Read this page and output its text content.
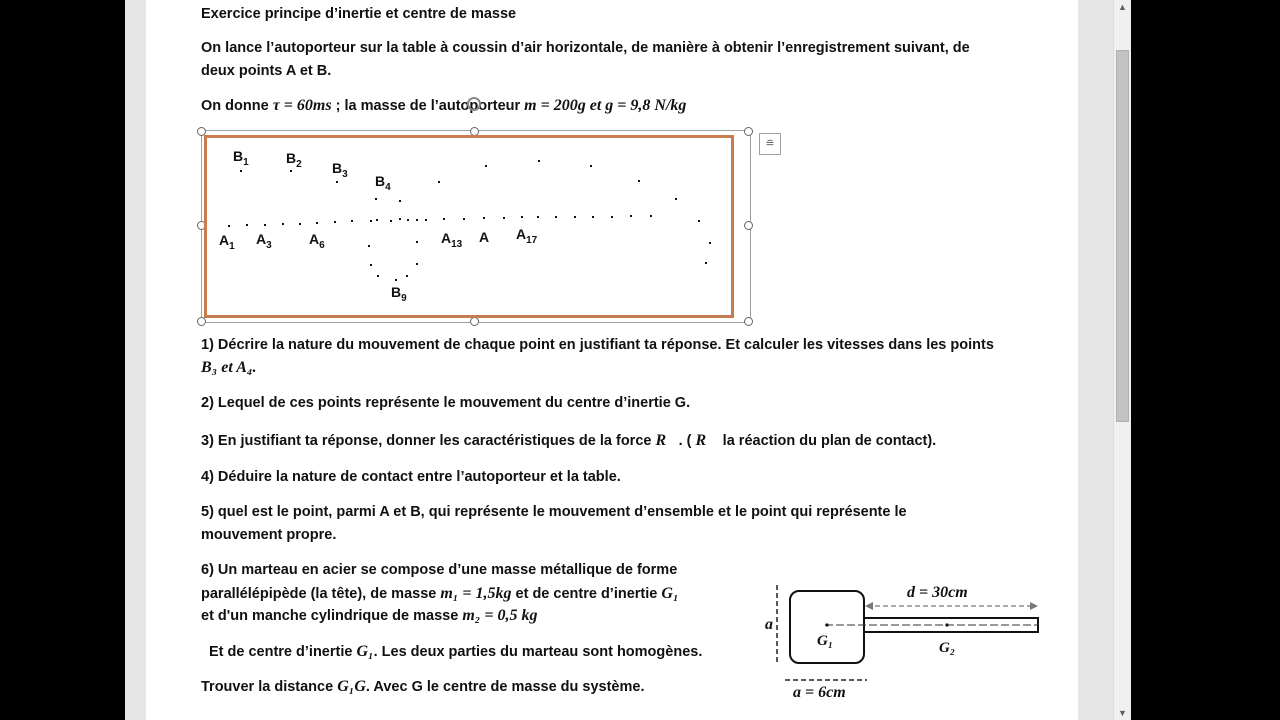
▲
▼
Exercice principe d’inertie et centre de masse
On lance l’autoporteur sur la table à coussin d’air horizontale, de manière à obtenir l’enregistrement suivant, de
deux points A et B.
On donne τ = 60ms ; la masse de l’autoporteur m = 200g et g = 9,8 N/kg
≘
$B_1$	$B_2$ $B_3$ $B_4$
$B_9$
$A_1$ $A_3$	$A_6$	$A_{13}$ A $A_{17}$
1) Décrire la nature du mouvement de chaque point en justifiant ta réponse. Et calculer les vitesses dans les points
B₃ et A₄.
2) Lequel de ces points représente le mouvement du centre d’inertie G.
3) En justifiant ta réponse, donner les caractéristiques de la force R⃗. ( R⃗ la réaction du plan de contact).
4) Déduire la nature de contact entre l’autoporteur et la table.
5) quel est le point, parmi A et B, qui représente le mouvement d’ensemble et le point qui représente le
mouvement propre.
6) Un marteau en acier se compose d’une masse métallique de forme
parallélépipède (la tête), de masse m₁ = 1,5kg et de centre d’inertie G₁
et d'un manche cylindrique de masse m₂ = 0,5 kg
Et de centre d’inertie G₁. Les deux parties du marteau sont homogènes.
Trouver la distance G₁G. Avec G le centre de masse du système.
d = 30cm
a
G₁	G₂
a = 6cm
